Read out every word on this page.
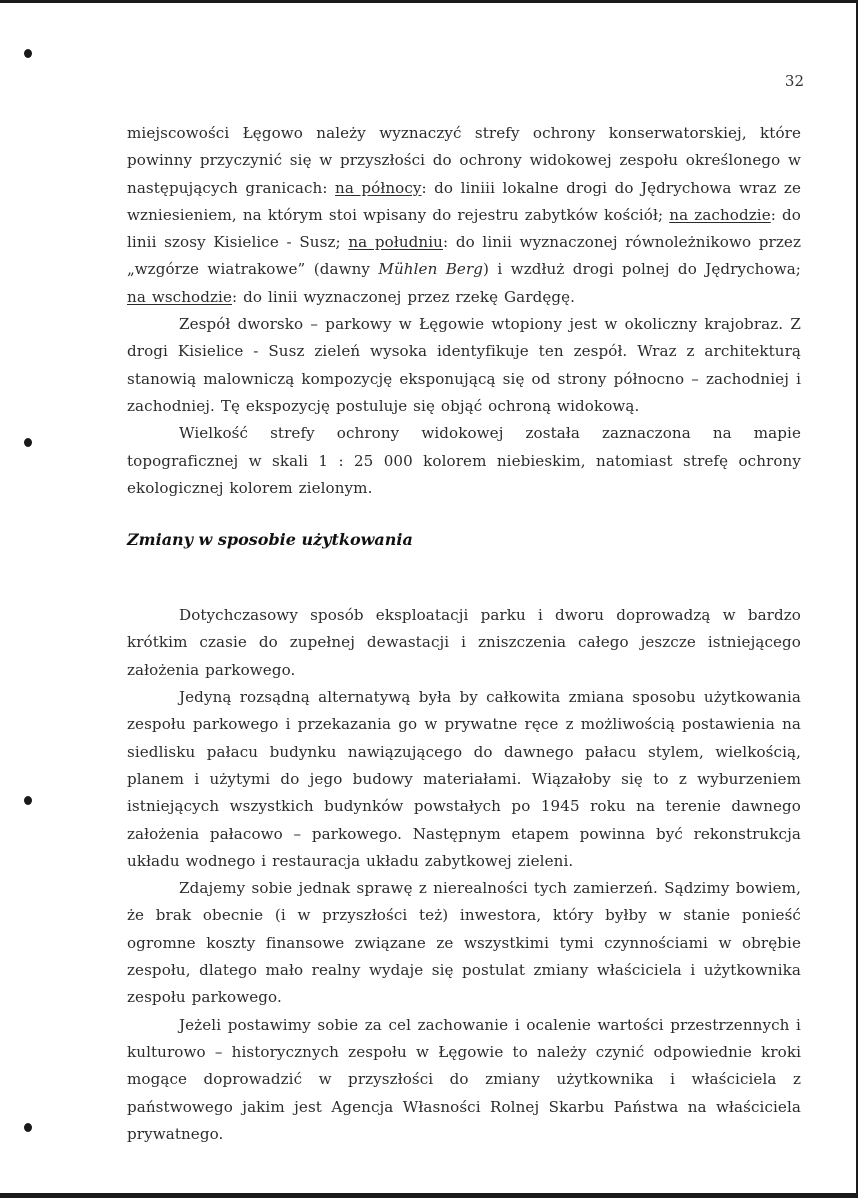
32

miejscowości Łęgowo należy wyznaczyć strefy ochrony konserwatorskiej, które powinny przyczynić się w przyszłości do ochrony widokowej zespołu określonego w następujących granicach: na północy: do liniii lokalne drogi do Jędrychowa wraz ze wzniesieniem, na którym stoi wpisany do rejestru zabytków kościół; na zachodzie: do linii szosy Kisielice - Susz; na południu: do linii wyznaczonej równoleżnikowo przez „wzgórze wiatrakowe” (dawny Mühlen Berg) i wzdłuż drogi polnej do Jędrychowa; na wschodzie: do linii wyznaczonej przez rzekę Gardęgę.

Zespół dworsko – parkowy w Łęgowie wtopiony jest w okoliczny krajobraz. Z drogi Kisielice - Susz zieleń wysoka identyfikuje ten zespół. Wraz z architekturą stanowią malowniczą kompozycję eksponującą się od strony północno – zachodniej i zachodniej. Tę ekspozycję postuluje się objąć ochroną widokową.

Wielkość strefy ochrony widokowej została zaznaczona na mapie topograficznej w skali 1 : 25 000 kolorem niebieskim, natomiast strefę ochrony ekologicznej kolorem zielonym.

Zmiany w sposobie użytkowania

Dotychczasowy sposób eksploatacji parku i dworu doprowadzą w bardzo krótkim czasie do zupełnej dewastacji i zniszczenia całego jeszcze istniejącego założenia parkowego.

Jedyną rozsądną alternatywą była by całkowita zmiana sposobu użytkowania zespołu parkowego i przekazania go w prywatne ręce z możliwością postawienia na siedlisku pałacu budynku nawiązującego do dawnego pałacu stylem, wielkością, planem i użytymi do jego budowy materiałami. Wiązałoby się to z wyburzeniem istniejących wszystkich budynków powstałych po 1945 roku na terenie dawnego założenia pałacowo – parkowego. Następnym etapem powinna być rekonstrukcja układu wodnego i restauracja układu zabytkowej zieleni.

Zdajemy sobie jednak sprawę z nierealności tych zamierzeń. Sądzimy bowiem, że brak obecnie (i w przyszłości też) inwestora, który byłby w stanie ponieść ogromne koszty finansowe związane ze wszystkimi tymi czynnościami w obrębie zespołu, dlatego mało realny wydaje się postulat zmiany właściciela i użytkownika zespołu parkowego.

Jeżeli postawimy sobie za cel zachowanie i ocalenie wartości przestrzennych i kulturowo – historycznych zespołu w Łęgowie to należy czynić odpowiednie kroki mogące doprowadzić w przyszłości do zmiany użytkownika i właściciela z państwowego jakim jest Agencja Własności Rolnej Skarbu Państwa na właściciela prywatnego.
